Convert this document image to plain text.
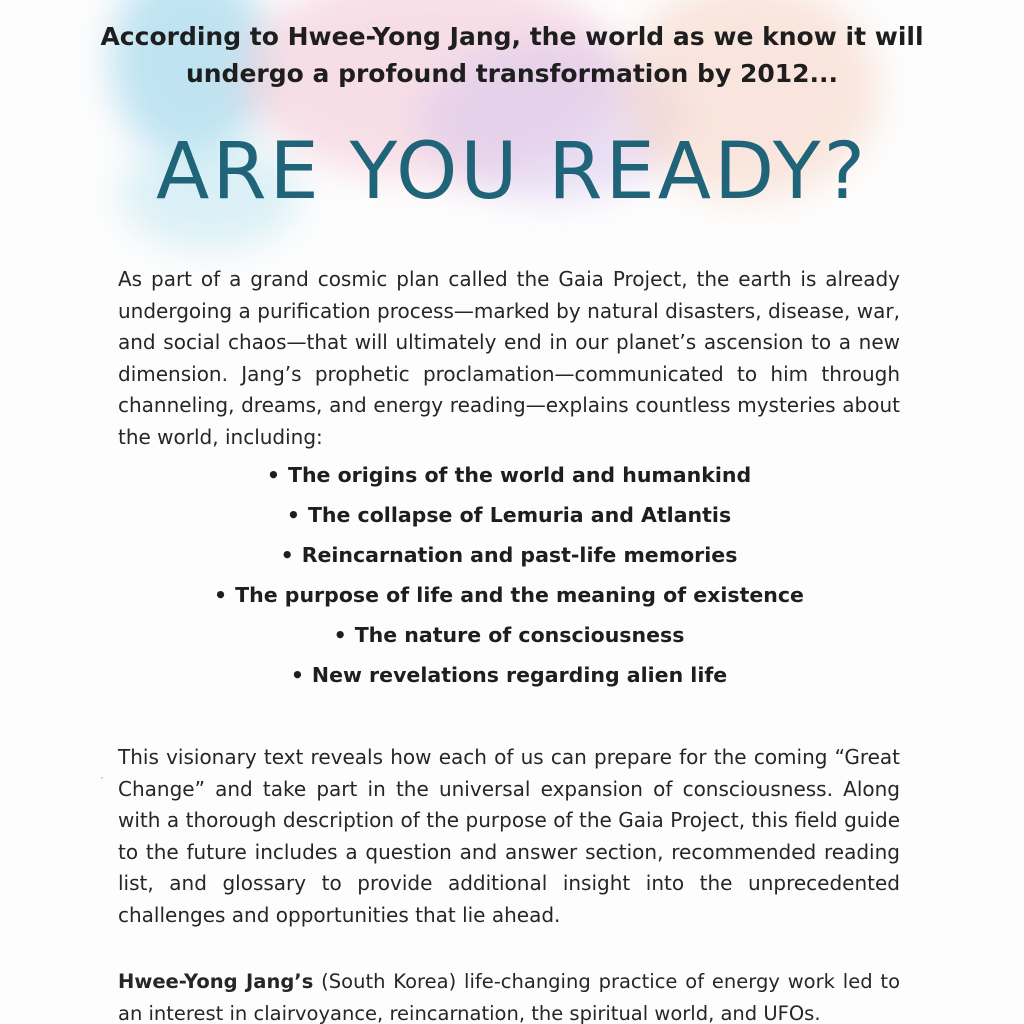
According to Hwee-Yong Jang, the world as we know it will undergo a profound transformation by 2012...
ARE YOU READY?

As part of a grand cosmic plan called the Gaia Project, the earth is already undergoing a purification process—marked by natural disasters, disease, war, and social chaos—that will ultimately end in our planet’s ascension to a new dimension. Jang’s prophetic proclamation—communicated to him through channeling, dreams, and energy reading—explains countless mysteries about the world, including:

• The origins of the world and humankind
• The collapse of Lemuria and Atlantis
• Reincarnation and past-life memories
• The purpose of life and the meaning of existence
• The nature of consciousness
• New revelations regarding alien life
·

This visionary text reveals how each of us can prepare for the coming “Great Change” and take part in the universal expansion of consciousness. Along with a thorough description of the purpose of the Gaia Project, this field guide to the future includes a question and answer section, recommended reading list, and glossary to provide additional insight into the unprecedented challenges and opportunities that lie ahead.

Hwee-Yong Jang’s (South Korea) life-changing practice of energy work led to an interest in clairvoyance, reincarnation, the spiritual world, and UFOs.
